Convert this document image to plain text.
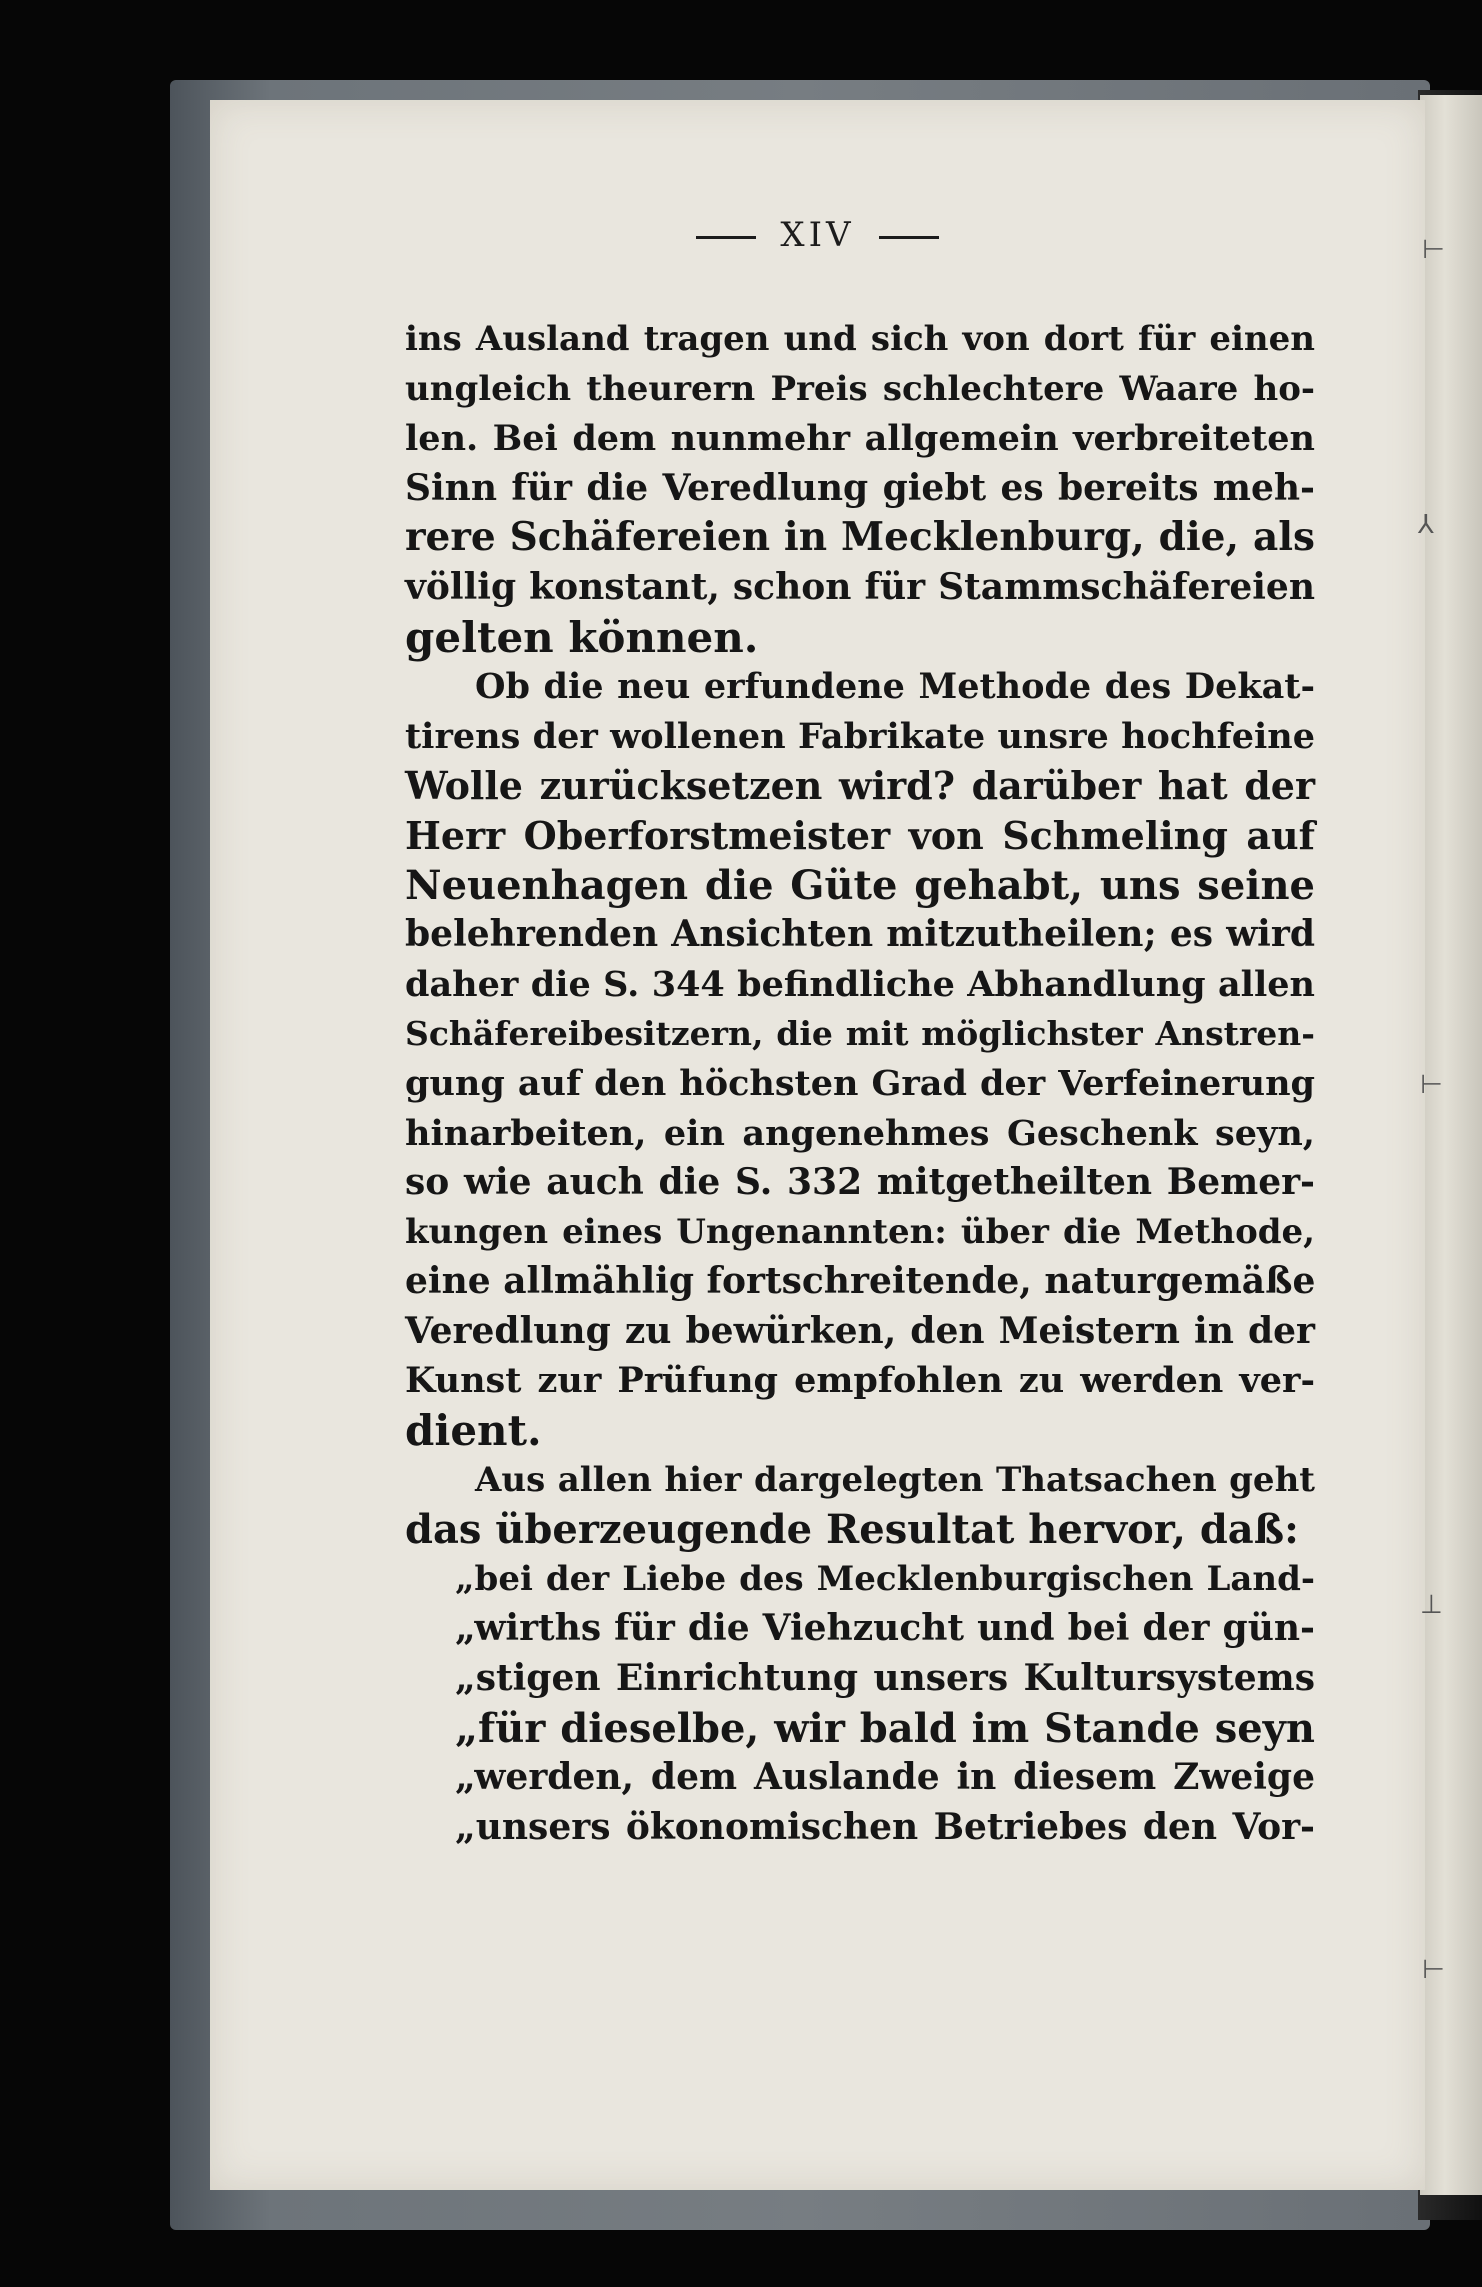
XIV
ins Ausland tragen und sich von dort für einen
ungleich theurern Preis schlechtere Waare ho-
len. Bei dem nunmehr allgemein verbreiteten
Sinn für die Veredlung giebt es bereits meh-
rere Schäfereien in Mecklenburg, die, als
völlig konstant, schon für Stammschäfereien
gelten können.
Ob die neu erfundene Methode des Dekat-
tirens der wollenen Fabrikate unsre hochfeine
Wolle zurücksetzen wird? darüber hat der
Herr Oberforstmeister von Schmeling auf
Neuenhagen die Güte gehabt, uns seine
belehrenden Ansichten mitzutheilen; es wird
daher die S. 344 befindliche Abhandlung allen
Schäfereibesitzern, die mit möglichster Anstren-
gung auf den höchsten Grad der Verfeinerung
hinarbeiten, ein angenehmes Geschenk seyn,
so wie auch die S. 332 mitgetheilten Bemer-
kungen eines Ungenannten: über die Methode,
eine allmählig fortschreitende, naturgemäße
Veredlung zu bewürken, den Meistern in der
Kunst zur Prüfung empfohlen zu werden ver-
dient.
Aus allen hier dargelegten Thatsachen geht
das überzeugende Resultat hervor, daß:
„bei der Liebe des Mecklenburgischen Land-
„wirths für die Viehzucht und bei der gün-
„stigen Einrichtung unsers Kultursystems
„für dieselbe, wir bald im Stande seyn
„werden, dem Auslande in diesem Zweige
„unsers ökonomischen Betriebes den Vor-
⊢
⅄
⊢
⊥
⊢
